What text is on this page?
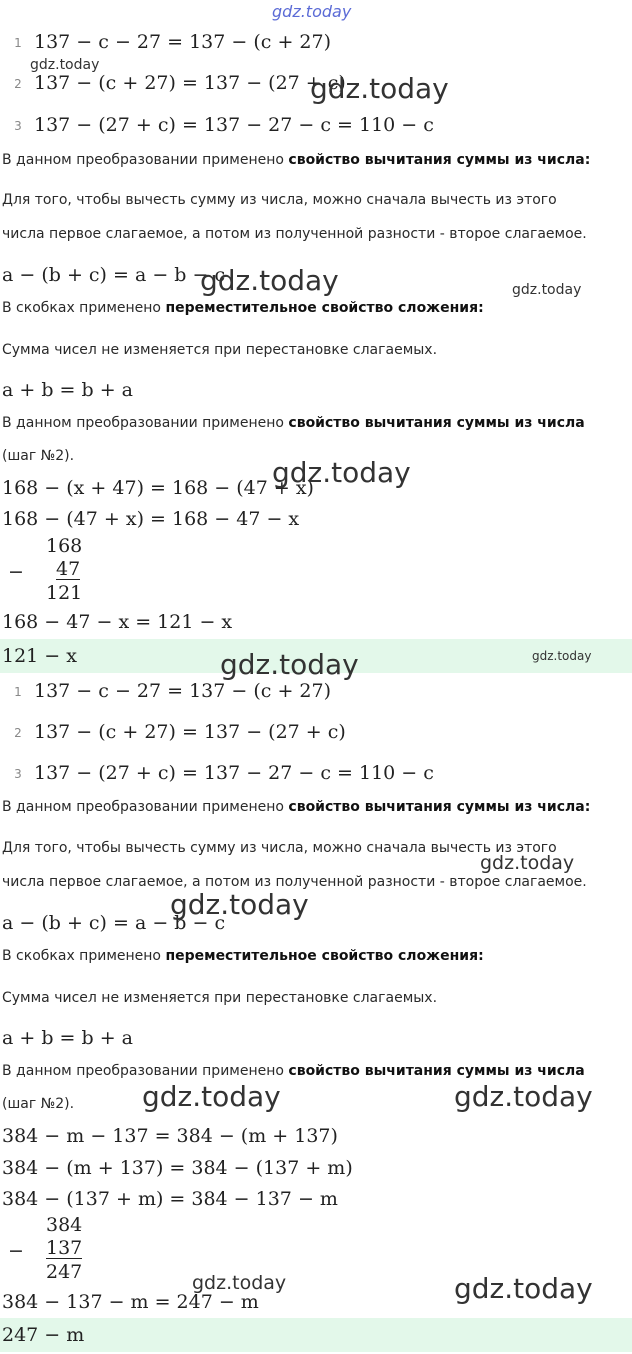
gdz.today
1 137 − c − 27 = 137 − (c + 27)
gdz.today
2 137 − (c + 27) = 137 − (27 + c)
gdz.today
3 137 − (27 + c) = 137 − 27 − c = 110 − c
В данном преобразовании применено свойство вычитания суммы из числа:
Для того, чтобы вычесть сумму из числа, можно сначала вычесть из этого
числа первое слагаемое, а потом из полученной разности - второе слагаемое.
a − (b + c) = a − b − c
gdz.today	gdz.today
В скобках применено переместительное свойство сложения:
Сумма чисел не изменяется при перестановке слагаемых.
a + b = b + a
В данном преобразовании применено свойство вычитания суммы из числа
(шаг №2).
168 − (x + 47) = 168 − (47 + x)
gdz.today
168 − (47 + x) = 168 − 47 − x
168
− 47
121
168 − 47 − x = 121 − x
121 − x	gdz.today	gdz.today
1 137 − c − 27 = 137 − (c + 27)
2 137 − (c + 27) = 137 − (27 + c)
3 137 − (27 + c) = 137 − 27 − c = 110 − c
В данном преобразовании применено свойство вычитания суммы из числа:
Для того, чтобы вычесть сумму из числа, можно сначала вычесть из этого
gdz.today
числа первое слагаемое, а потом из полученной разности - второе слагаемое.
a − (b + c) = a − b − c
gdz.today
В скобках применено переместительное свойство сложения:
Сумма чисел не изменяется при перестановке слагаемых.
a + b = b + a
В данном преобразовании применено свойство вычитания суммы из числа
(шаг №2). gdz.today	gdz.today
384 − m − 137 = 384 − (m + 137)
384 − (m + 137) = 384 − (137 + m)
384 − (137 + m) = 384 − 137 − m
384
− 137
247	gdz.today
384 − 137 − m = 247 − m	gdz.today
247 − m
